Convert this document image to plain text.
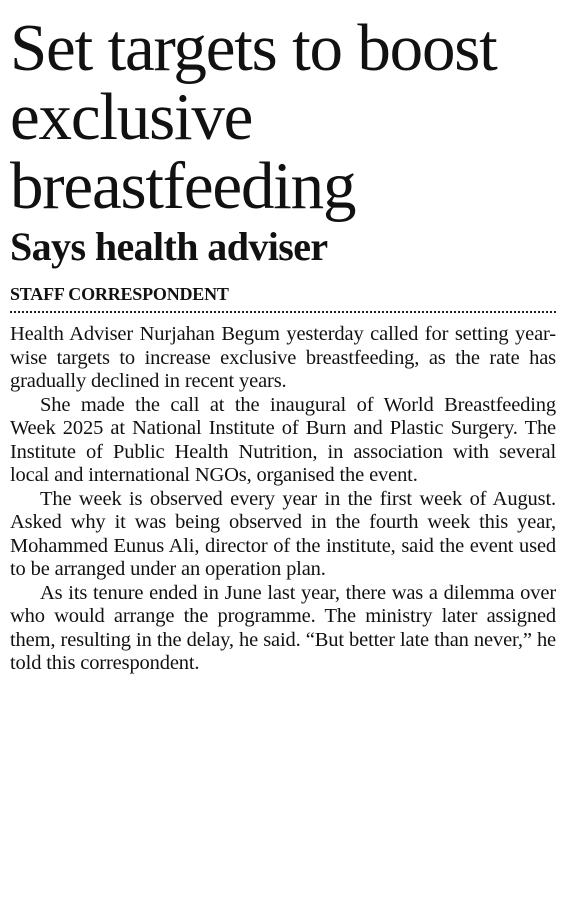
Set targets to boost exclusive breastfeeding
Says health adviser
STAFF CORRESPONDENT

Health Adviser Nurjahan Begum yesterday called for setting year-wise targets to increase exclusive breastfeeding, as the rate has gradually declined in recent years.

She made the call at the inaugural of World Breastfeeding Week 2025 at National Institute of Burn and Plastic Surgery. The Institute of Public Health Nutrition, in association with several local and international NGOs, organised the event.

The week is observed every year in the first week of August. Asked why it was being observed in the fourth week this year, Mohammed Eunus Ali, director of the institute, said the event used to be arranged under an operation plan.

As its tenure ended in June last year, there was a dilemma over who would arrange the programme. The ministry later assigned them, resulting in the delay, he said. “But better late than never,” he told this correspondent.
